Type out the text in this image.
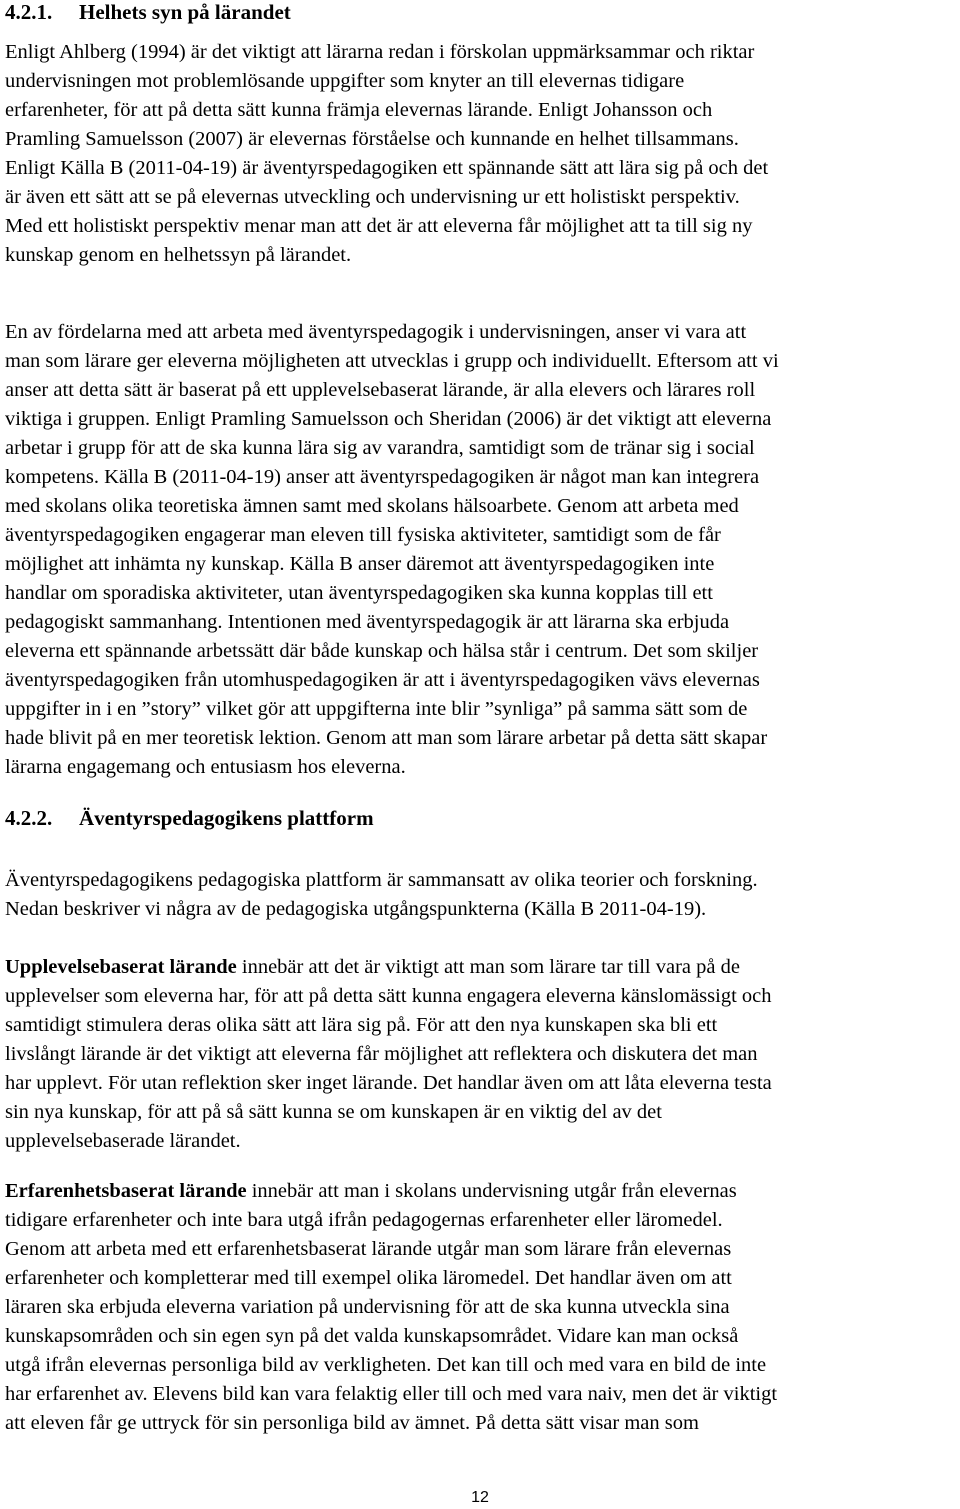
4.2.1. Helhets syn på lärandet
Enligt Ahlberg (1994) är det viktigt att lärarna redan i förskolan uppmärksammar och riktar
undervisningen mot problemlösande uppgifter som knyter an till elevernas tidigare
erfarenheter, för att på detta sätt kunna främja elevernas lärande. Enligt Johansson och
Pramling Samuelsson (2007) är elevernas förståelse och kunnande en helhet tillsammans.
Enligt Källa B (2011-04-19) är äventyrspedagogiken ett spännande sätt att lära sig på och det
är även ett sätt att se på elevernas utveckling och undervisning ur ett holistiskt perspektiv.
Med ett holistiskt perspektiv menar man att det är att eleverna får möjlighet att ta till sig ny
kunskap genom en helhetssyn på lärandet.
En av fördelarna med att arbeta med äventyrspedagogik i undervisningen, anser vi vara att
man som lärare ger eleverna möjligheten att utvecklas i grupp och individuellt. Eftersom att vi
anser att detta sätt är baserat på ett upplevelsebaserat lärande, är alla elevers och lärares roll
viktiga i gruppen. Enligt Pramling Samuelsson och Sheridan (2006) är det viktigt att eleverna
arbetar i grupp för att de ska kunna lära sig av varandra, samtidigt som de tränar sig i social
kompetens. Källa B (2011-04-19) anser att äventyrspedagogiken är något man kan integrera
med skolans olika teoretiska ämnen samt med skolans hälsoarbete. Genom att arbeta med
äventyrspedagogiken engagerar man eleven till fysiska aktiviteter, samtidigt som de får
möjlighet att inhämta ny kunskap. Källa B anser däremot att äventyrspedagogiken inte
handlar om sporadiska aktiviteter, utan äventyrspedagogiken ska kunna kopplas till ett
pedagogiskt sammanhang. Intentionen med äventyrspedagogik är att lärarna ska erbjuda
eleverna ett spännande arbetssätt där både kunskap och hälsa står i centrum. Det som skiljer
äventyrspedagogiken från utomhuspedagogiken är att i äventyrspedagogiken vävs elevernas
uppgifter in i en ”story” vilket gör att uppgifterna inte blir ”synliga” på samma sätt som de
hade blivit på en mer teoretisk lektion. Genom att man som lärare arbetar på detta sätt skapar
lärarna engagemang och entusiasm hos eleverna.
4.2.2. Äventyrspedagogikens plattform
Äventyrspedagogikens pedagogiska plattform är sammansatt av olika teorier och forskning.
Nedan beskriver vi några av de pedagogiska utgångspunkterna (Källa B 2011-04-19).
Upplevelsebaserat lärande innebär att det är viktigt att man som lärare tar till vara på de
upplevelser som eleverna har, för att på detta sätt kunna engagera eleverna känslomässigt och
samtidigt stimulera deras olika sätt att lära sig på. För att den nya kunskapen ska bli ett
livslångt lärande är det viktigt att eleverna får möjlighet att reflektera och diskutera det man
har upplevt. För utan reflektion sker inget lärande. Det handlar även om att låta eleverna testa
sin nya kunskap, för att på så sätt kunna se om kunskapen är en viktig del av det
upplevelsebaserade lärandet.
Erfarenhetsbaserat lärande innebär att man i skolans undervisning utgår från elevernas
tidigare erfarenheter och inte bara utgå ifrån pedagogernas erfarenheter eller läromedel.
Genom att arbeta med ett erfarenhetsbaserat lärande utgår man som lärare från elevernas
erfarenheter och kompletterar med till exempel olika läromedel. Det handlar även om att
läraren ska erbjuda eleverna variation på undervisning för att de ska kunna utveckla sina
kunskapsområden och sin egen syn på det valda kunskapsområdet. Vidare kan man också
utgå ifrån elevernas personliga bild av verkligheten. Det kan till och med vara en bild de inte
har erfarenhet av. Elevens bild kan vara felaktig eller till och med vara naiv, men det är viktigt
att eleven får ge uttryck för sin personliga bild av ämnet. På detta sätt visar man som
12
